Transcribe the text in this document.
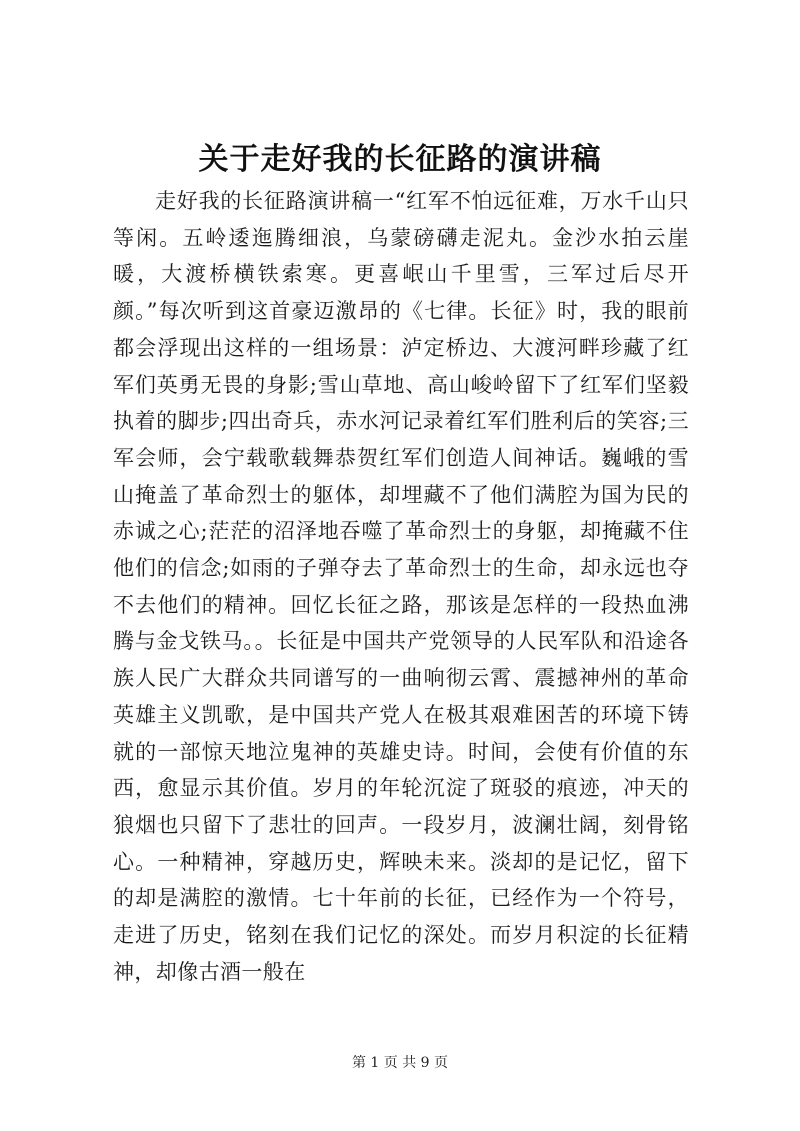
关于走好我的长征路的演讲稿

走好我的长征路演讲稿一“红军不怕远征难，万水千山只等闲。五岭逶迤腾细浪，乌蒙磅礴走泥丸。金沙水拍云崖暖，大渡桥横铁索寒。更喜岷山千里雪，三军过后尽开颜。”每次听到这首豪迈激昂的《七律。长征》时，我的眼前都会浮现出这样的一组场景：泸定桥边、大渡河畔珍藏了红军们英勇无畏的身影;雪山草地、高山峻岭留下了红军们坚毅执着的脚步;四出奇兵，赤水河记录着红军们胜利后的笑容;三军会师，会宁载歌载舞恭贺红军们创造人间神话。巍峨的雪山掩盖了革命烈士的躯体，却埋藏不了他们满腔为国为民的赤诚之心;茫茫的沼泽地吞噬了革命烈士的身躯，却掩藏不住他们的信念;如雨的子弹夺去了革命烈士的生命，却永远也夺不去他们的精神。回忆长征之路，那该是怎样的一段热血沸腾与金戈铁马。。长征是中国共产党领导的人民军队和沿途各族人民广大群众共同谱写的一曲响彻云霄、震撼神州的革命英雄主义凯歌，是中国共产党人在极其艰难困苦的环境下铸就的一部惊天地泣鬼神的英雄史诗。时间，会使有价值的东西，愈显示其价值。岁月的年轮沉淀了斑驳的痕迹，冲天的狼烟也只留下了悲壮的回声。一段岁月，波澜壮阔，刻骨铭心。一种精神，穿越历史，辉映未来。淡却的是记忆，留下的却是满腔的激情。七十年前的长征，已经作为一个符号，走进了历史，铭刻在我们记忆的深处。而岁月积淀的长征精神，却像古酒一般在

第 1 页 共 9 页
